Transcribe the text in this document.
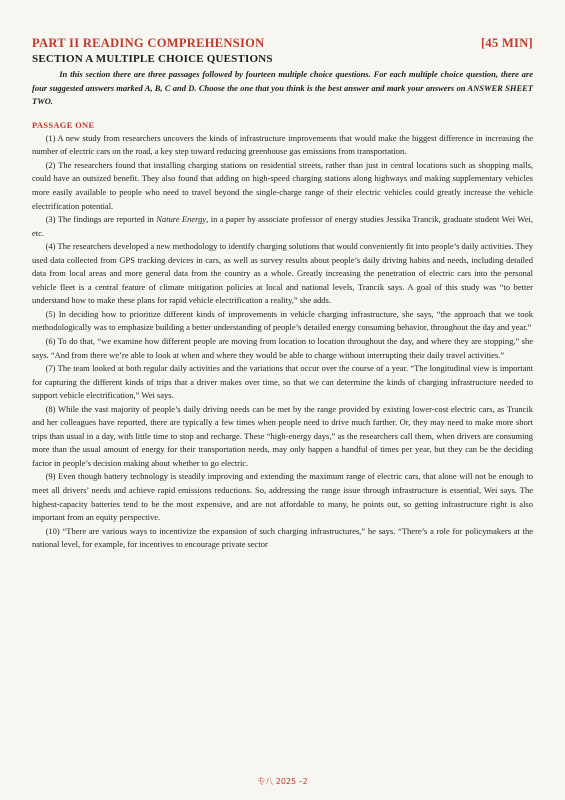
PART II READING COMPREHENSION	[45 MIN]
SECTION A MULTIPLE CHOICE QUESTIONS

In this section there are three passages followed by fourteen multiple choice questions. For each multiple choice question, there are four suggested answers marked A, B, C and D. Choose the one that you think is the best answer and mark your answers on ANSWER SHEET TWO.

PASSAGE ONE

(1) A new study from researchers uncovers the kinds of infrastructure improvements that would make the biggest difference in increasing the number of electric cars on the road, a key step toward reducing greenhouse gas emissions from transportation.

(2) The researchers found that installing charging stations on residential streets, rather than just in central locations such as shopping malls, could have an outsized benefit. They also found that adding on high-speed charging stations along highways and making supplementary vehicles more easily available to people who need to travel beyond the single-charge range of their electric vehicles could greatly increase the vehicle electrification potential.

(3) The findings are reported in Nature Energy, in a paper by associate professor of energy studies Jessika Trancik, graduate student Wei Wei, etc.

(4) The researchers developed a new methodology to identify charging solutions that would conveniently fit into people’s daily activities. They used data collected from GPS tracking devices in cars, as well as survey results about people’s daily driving habits and needs, including detailed data from local areas and more general data from the country as a whole. Greatly increasing the penetration of electric cars into the personal vehicle fleet is a central feature of climate mitigation policies at local and national levels, Trancik says. A goal of this study was “to better understand how to make these plans for rapid vehicle electrification a reality,” she adds.

(5) In deciding how to prioritize different kinds of improvements in vehicle charging infrastructure, she says, “the approach that we took methodologically was to emphasize building a better understanding of people’s detailed energy consuming behavior, throughout the day and year.”

(6) To do that, “we examine how different people are moving from location to location throughout the day, and where they are stopping,” she says. “And from there we’re able to look at when and where they would be able to charge without interrupting their daily travel activities.”

(7) The team looked at both regular daily activities and the variations that occur over the course of a year. “The longitudinal view is important for capturing the different kinds of trips that a driver makes over time, so that we can determine the kinds of charging infrastructure needed to support vehicle electrification,” Wei says.

(8) While the vast majority of people’s daily driving needs can be met by the range provided by existing lower-cost electric cars, as Trancik and her colleagues have reported, there are typically a few times when people need to drive much farther. Or, they may need to make more short trips than usual in a day, with little time to stop and recharge. These “high-energy days,” as the researchers call them, when drivers are consuming more than the usual amount of energy for their transportation needs, may only happen a handful of times per year, but they can be the deciding factor in people’s decision making about whether to go electric.

(9) Even though battery technology is steadily improving and extending the maximum range of electric cars, that alone will not be enough to meet all drivers’ needs and achieve rapid emissions reductions. So, addressing the range issue through infrastructure is essential, Wei says. The highest-capacity batteries tend to be the most expensive, and are not affordable to many, he points out, so getting infrastructure right is also important from an equity perspective.

(10) “There are various ways to incentivize the expansion of such charging infrastructures,” he says. “There’s a role for policymakers at the national level, for example, for incentives to encourage private sector

专八 2025 –2
